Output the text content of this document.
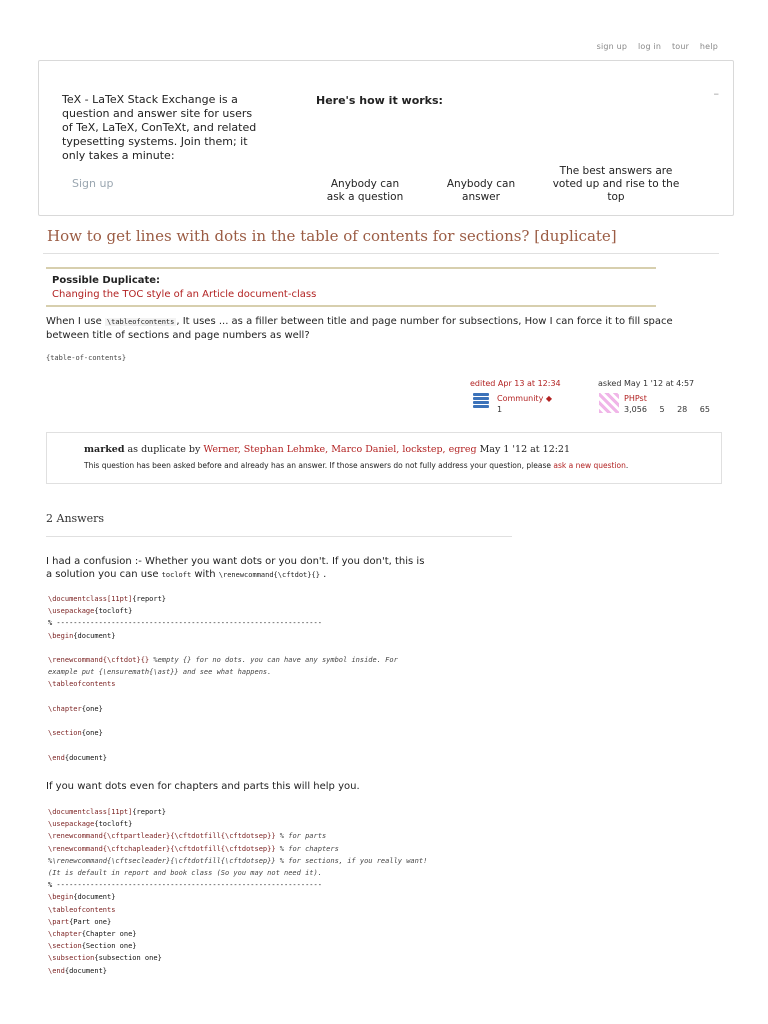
sign up log in tour help
TeX - LaTeX Stack Exchange is a question and answer site for users of TeX, LaTeX, ConTeXt, and related typesetting systems. Join them; it only takes a minute:
Sign up
Here's how it works:
–
Anybody can ask a question
Anybody can answer
The best answers are voted up and rise to the top
How to get lines with dots in the table of contents for sections? [duplicate]
Possible Duplicate:
Changing the TOC style of an Article document-class
When I use \tableofcontents , It uses ... as a filler between title and page number for subsections, How I can force it to fill space between title of sections and page numbers as well?
{table-of-contents}
edited Apr 13 at 12:34
Community ◆
1
asked May 1 '12 at 4:57
PHPst
3,056 5 28 65
marked as duplicate by Werner, Stephan Lehmke, Marco Daniel, lockstep, egreg May 1 '12 at 12:21
This question has been asked before and already has an answer. If those answers do not fully address your question, please ask a new question.
2 Answers
I had a confusion :- Whether you want dots or you don't. If you don't, this is a solution you can use tocloft with \renewcommand{\cftdot}{} .
\documentclass[11pt]{report}
\usepackage{tocloft}
% ---------------------------------------------------------------
\begin{document}

\renewcommand{\cftdot}{} %empty {} for no dots. you can have any symbol inside. For
example put {\ensuremath{\ast}} and see what happens.
\tableofcontents

\chapter{one}

\section{one}

\end{document}
If you want dots even for chapters and parts this will help you.
\documentclass[11pt]{report}
\usepackage{tocloft}
\renewcommand{\cftpartleader}{\cftdotfill{\cftdotsep}} % for parts
\renewcommand{\cftchapleader}{\cftdotfill{\cftdotsep}} % for chapters
%\renewcommand{\cftsecleader}{\cftdotfill{\cftdotsep}} % for sections, if you really want!
(It is default in report and book class (So you may not need it).
% ---------------------------------------------------------------
\begin{document}
\tableofcontents
\part{Part one}
\chapter{Chapter one}
\section{Section one}
\subsection{subsection one}
\end{document}
